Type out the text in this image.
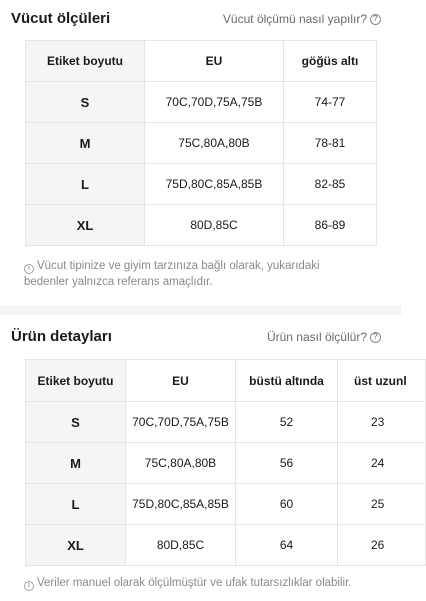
Vücut ölçüleri	Vücut ölçümü nasıl yapılır? ?
Etiket boyutu	EU	göğüs altı
S	70C,70D,75A,75B	74-77
M	75C,80A,80B	78-81
L	75D,80C,85A,85B	82-85
XL	80D,85C	86-89
i Vücut tipinize ve giyim tarzınıza bağlı olarak, yukarıdaki
bedenler yalnızca referans amaçlıdır.
Ürün detayları	Ürün nasıl ölçülür? ?
Etiket boyutu	EU	büstü altında	üst uzunl
S	70C,70D,75A,75B	52	23
M	75C,80A,80B	56	24
L	75D,80C,85A,85B	60	25
XL	80D,85C	64	26
i Veriler manuel olarak ölçülmüştür ve ufak tutarsızlıklar olabilir.
